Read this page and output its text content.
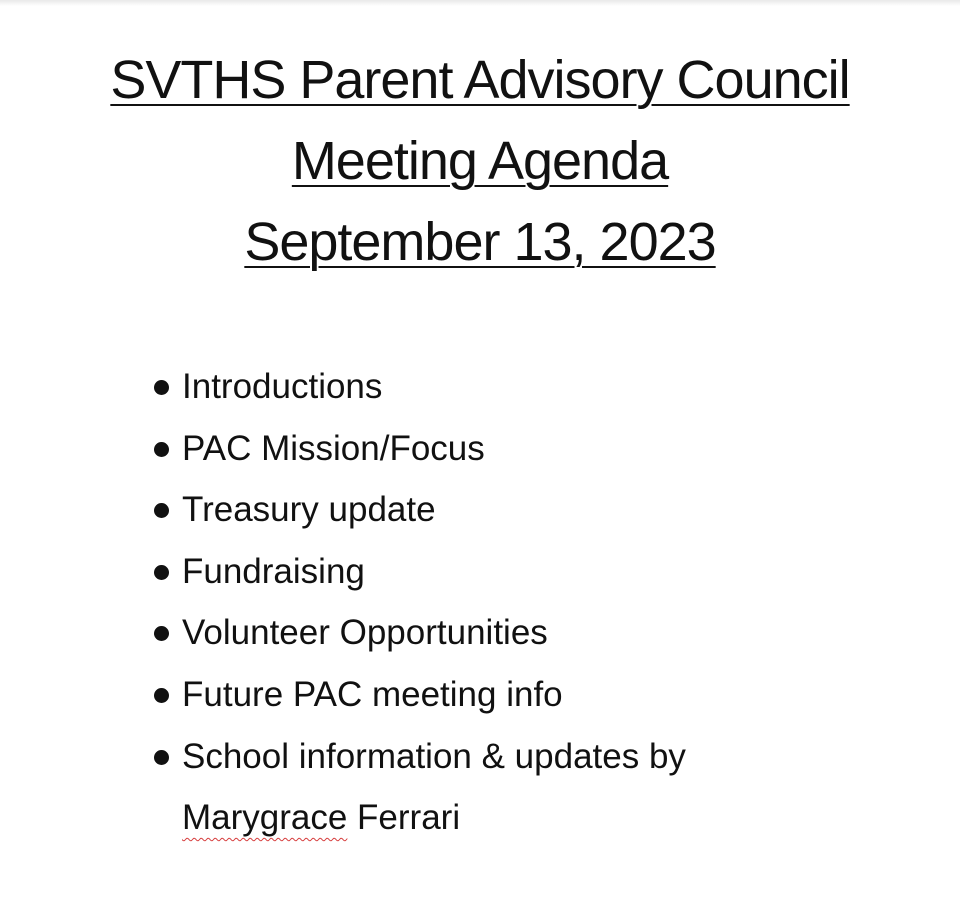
SVTHS Parent Advisory Council
Meeting Agenda
September 13, 2023
Introductions
PAC Mission/Focus
Treasury update
Fundraising
Volunteer Opportunities
Future PAC meeting info
School information & updates by
Marygrace Ferrari
